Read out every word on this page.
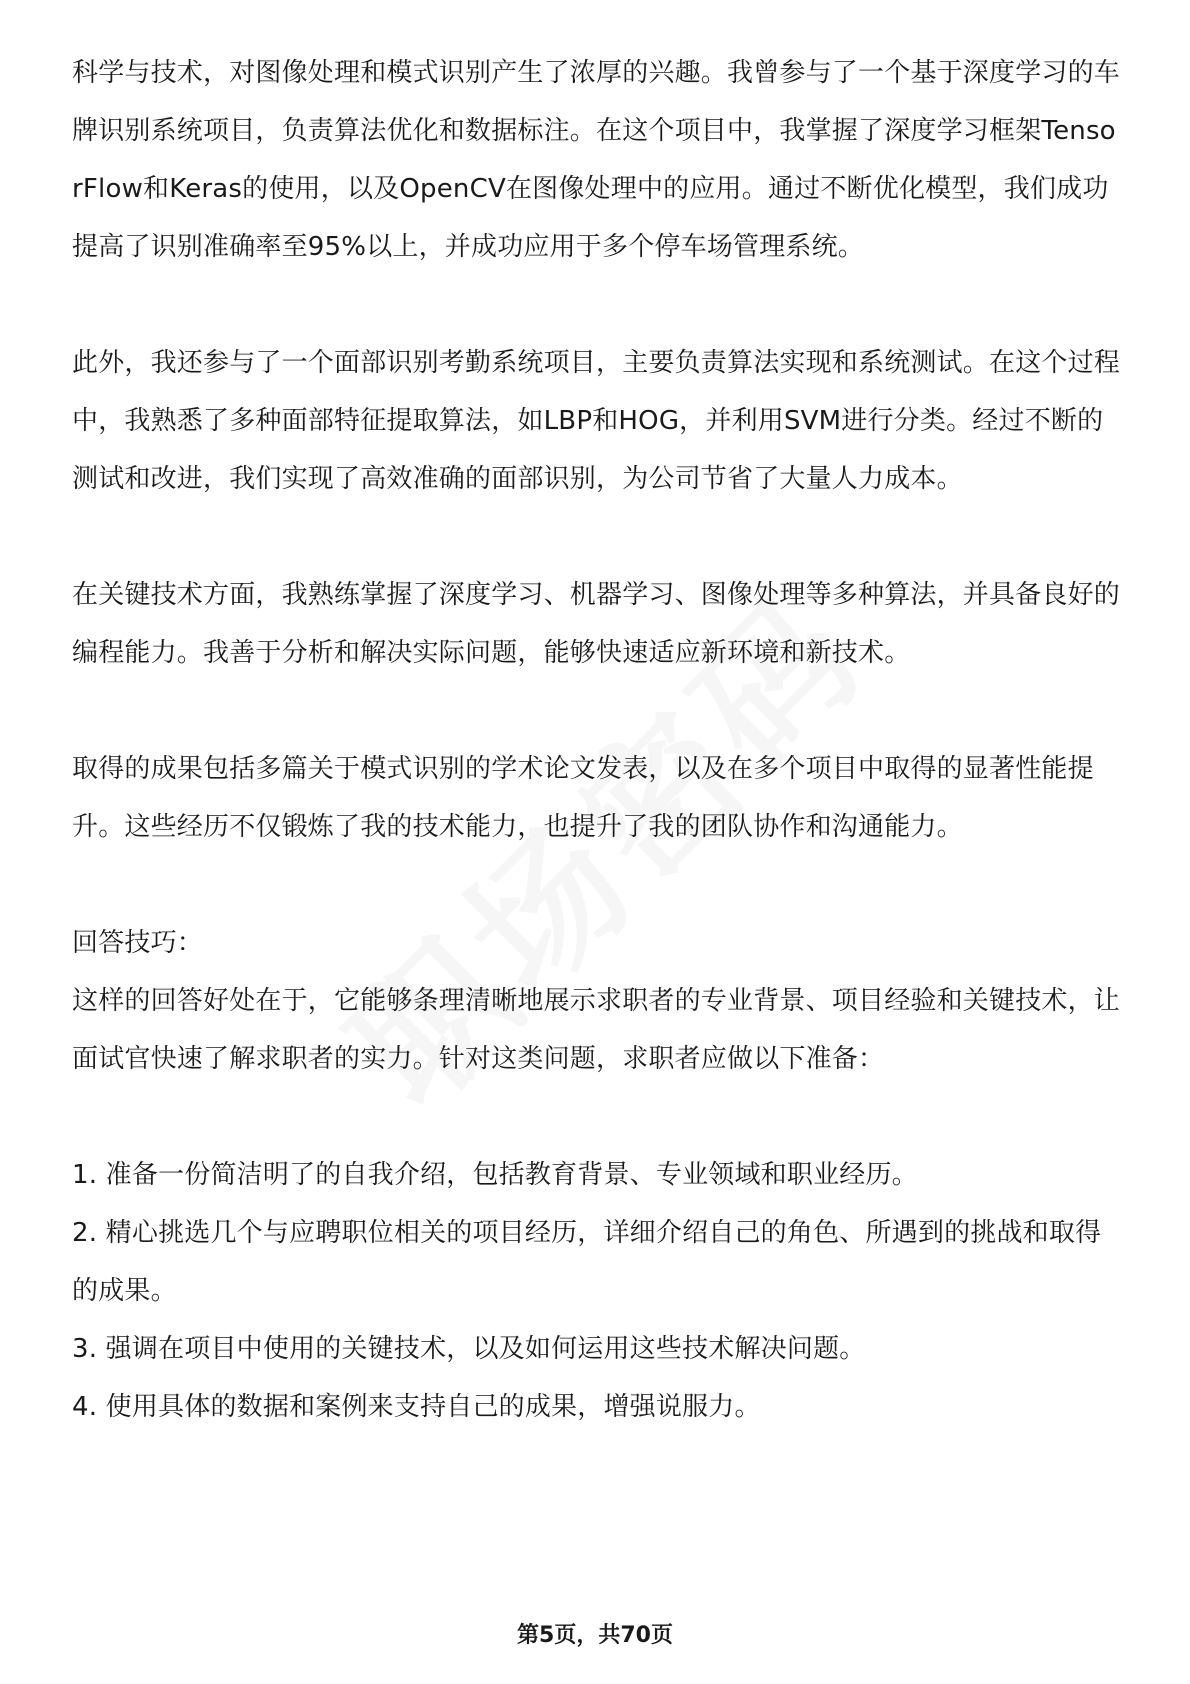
科学与技术，对图像处理和模式识别产生了浓厚的兴趣。我曾参与了一个基于深度学习的车牌识别系统项目，负责算法优化和数据标注。在这个项目中，我掌握了深度学习框架TensorFlow和Keras的使用，以及OpenCV在图像处理中的应用。通过不断优化模型，我们成功提高了识别准确率至95%以上，并成功应用于多个停车场管理系统。

此外，我还参与了一个面部识别考勤系统项目，主要负责算法实现和系统测试。在这个过程中，我熟悉了多种面部特征提取算法，如LBP和HOG，并利用SVM进行分类。经过不断的测试和改进，我们实现了高效准确的面部识别，为公司节省了大量人力成本。

在关键技术方面，我熟练掌握了深度学习、机器学习、图像处理等多种算法，并具备良好的编程能力。我善于分析和解决实际问题，能够快速适应新环境和新技术。

取得的成果包括多篇关于模式识别的学术论文发表，以及在多个项目中取得的显著性能提升。这些经历不仅锻炼了我的技术能力，也提升了我的团队协作和沟通能力。

回答技巧：

这样的回答好处在于，它能够条理清晰地展示求职者的专业背景、项目经验和关键技术，让面试官快速了解求职者的实力。针对这类问题，求职者应做以下准备：

1. 准备一份简洁明了的自我介绍，包括教育背景、专业领域和职业经历。

2. 精心挑选几个与应聘职位相关的项目经历，详细介绍自己的角色、所遇到的挑战和取得的成果。

3. 强调在项目中使用的关键技术，以及如何运用这些技术解决问题。

4. 使用具体的数据和案例来支持自己的成果，增强说服力。

第5页，共70页
